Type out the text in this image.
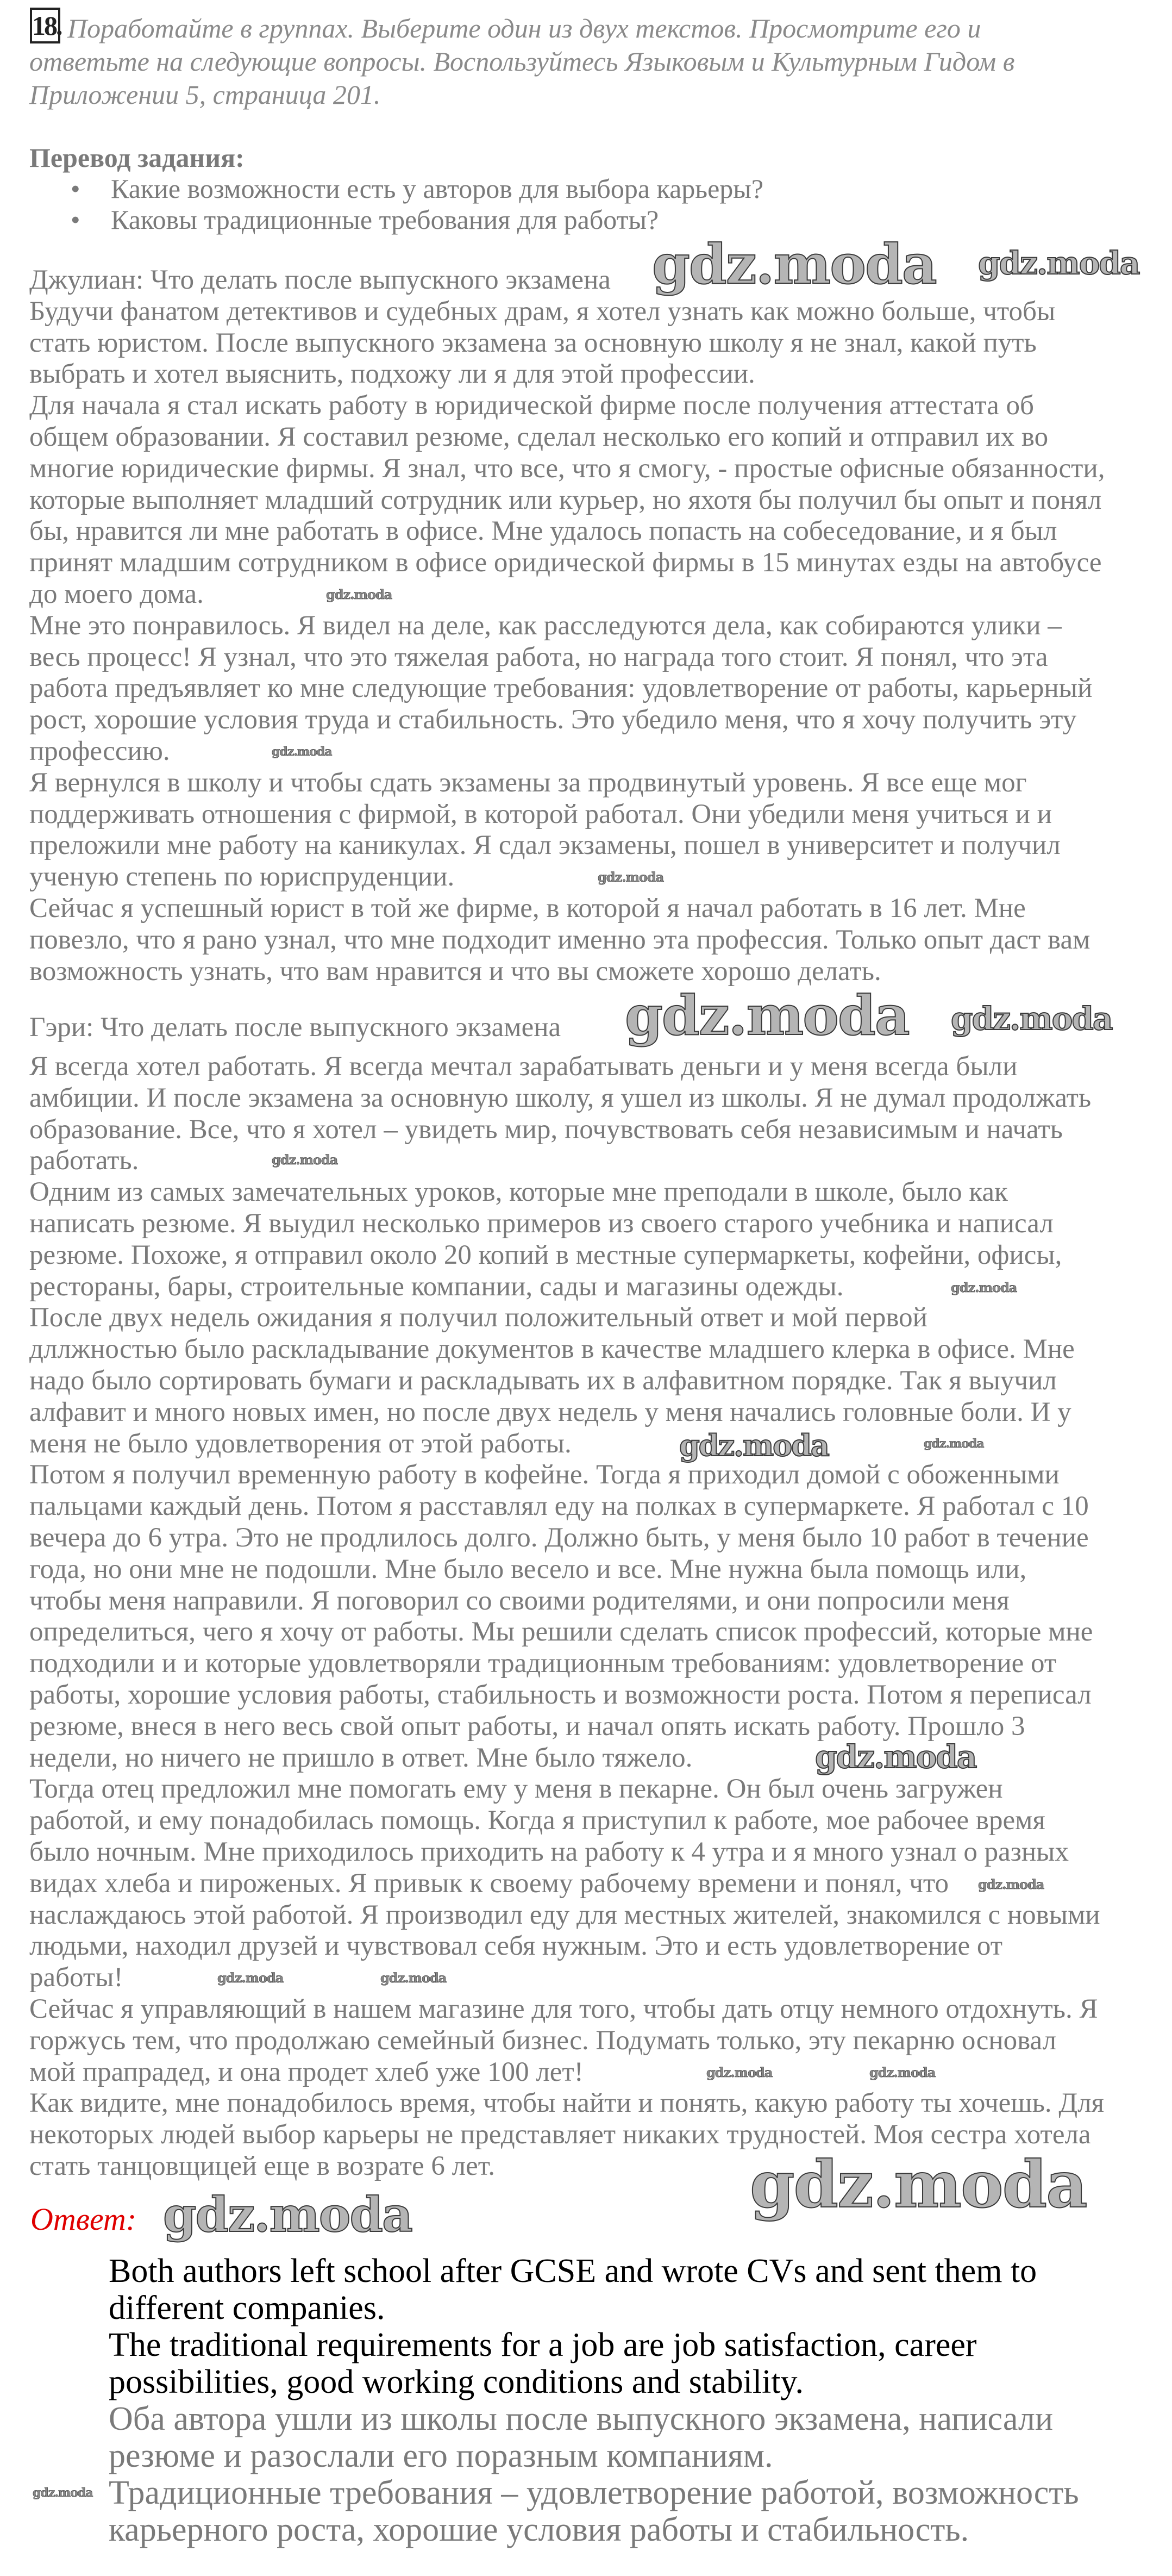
18. Поработайте в группах. Выберите один из двух текстов. Просмотрите его и
ответьте на следующие вопросы. Воспользуйтесь Языковым и Культурным Гидом в
Приложении 5, страница 201.
Перевод задания:
• Какие возможности есть у авторов для выбора карьеры?
• Каковы традиционные требования для работы?
Джулиан: Что делать после выпускного экзамена
Будучи фанатом детективов и судебных драм, я хотел узнать как можно больше, чтобы
стать юристом. После выпускного экзамена за основную школу я не знал, какой путь
выбрать и хотел выяснить, подхожу ли я для этой профессии.
Для начала я стал искать работу в юридической фирме после получения аттестата об
общем образовании. Я составил резюме, сделал несколько его копий и отправил их во
многие юридические фирмы. Я знал, что все, что я смогу, - простые офисные обязанности,
которые выполняет младший сотрудник или курьер, но яхотя бы получил бы опыт и понял
бы, нравится ли мне работать в офисе. Мне удалось попасть на собеседование, и я был
принят младшим сотрудником в офисе оридической фирмы в 15 минутах езды на автобусе
до моего дома.
Мне это понравилось. Я видел на деле, как расследуются дела, как собираются улики –
весь процесс! Я узнал, что это тяжелая работа, но награда того стоит. Я понял, что эта
работа предъявляет ко мне следующие требования: удовлетворение от работы, карьерный
рост, хорошие условия труда и стабильность. Это убедило меня, что я хочу получить эту
профессию.
Я вернулся в школу и чтобы сдать экзамены за продвинутый уровень. Я все еще мог
поддерживать отношения с фирмой, в которой работал. Они убедили меня учиться и и
преложили мне работу на каникулах. Я сдал экзамены, пошел в университет и получил
ученую степень по юриспруденции.
Сейчас я успешный юрист в той же фирме, в которой я начал работать в 16 лет. Мне
повезло, что я рано узнал, что мне подходит именно эта профессия. Только опыт даст вам
возможность узнать, что вам нравится и что вы сможете хорошо делать.
Гэри: Что делать после выпускного экзамена
Я всегда хотел работать. Я всегда мечтал зарабатывать деньги и у меня всегда были
амбиции. И после экзамена за основную школу, я ушел из школы. Я не думал продолжать
образование. Все, что я хотел – увидеть мир, почувствовать себя независимым и начать
работать.
Одним из самых замечательных уроков, которые мне преподали в школе, было как
написать резюме. Я выудил несколько примеров из своего старого учебника и написал
резюме. Похоже, я отправил около 20 копий в местные супермаркеты, кофейни, офисы,
рестораны, бары, строительные компании, сады и магазины одежды.
После двух недель ожидания я получил положительный ответ и мой первой
дллжностью было раскладывание документов в качестве младшего клерка в офисе. Мне
надо было сортировать бумаги и раскладывать их в алфавитном порядке. Так я выучил
алфавит и много новых имен, но после двух недель у меня начались головные боли. И у
меня не было удовлетворения от этой работы.
Потом я получил временную работу в кофейне. Тогда я приходил домой с обоженными
пальцами каждый день. Потом я расставлял еду на полках в супермаркете. Я работал с 10
вечера до 6 утра. Это не продлилось долго. Должно быть, у меня было 10 работ в течение
года, но они мне не подошли. Мне было весело и все. Мне нужна была помощь или,
чтобы меня направили. Я поговорил со своими родителями, и они попросили меня
определиться, чего я хочу от работы. Мы решили сделать список профессий, которые мне
подходили и и которые удовлетворяли традиционным требованиям: удовлетворение от
работы, хорошие условия работы, стабильность и возможности роста. Потом я переписал
резюме, внеся в него весь свой опыт работы, и начал опять искать работу. Прошло 3
недели, но ничего не пришло в ответ. Мне было тяжело.
Тогда отец предложил мне помогать ему у меня в пекарне. Он был очень загружен
работой, и ему понадобилась помощь. Когда я приступил к работе, мое рабочее время
было ночным. Мне приходилось приходить на работу к 4 утра и я много узнал о разных
видах хлеба и пироженых. Я привык к своему рабочему времени и понял, что
наслаждаюсь этой работой. Я производил еду для местных жителей, знакомился с новыми
людьми, находил друзей и чувствовал себя нужным. Это и есть удовлетворение от
работы!
Сейчас я управляющий в нашем магазине для того, чтобы дать отцу немного отдохнуть. Я
горжусь тем, что продолжаю семейный бизнес. Подумать только, эту пекарню основал
мой прапрадед, и она продет хлеб уже 100 лет!
Как видите, мне понадобилось время, чтобы найти и понять, какую работу ты хочешь. Для
некоторых людей выбор карьеры не представляет никаких трудностей. Моя сестра хотела
стать танцовщицей еще в возрате 6 лет.
Ответ:
Both authors left school after GCSE and wrote CVs and sent them to
different companies.
The traditional requirements for a job are job satisfaction, career
possibilities, good working conditions and stability.
Оба автора ушли из школы после выпускного экзамена, написали
резюме и разослали его поразным компаниям.
Традиционные требования – удовлетворение работой, возможность
карьерного роста, хорошие условия работы и стабильность.
gdz.moda gdz.moda
gdz.moda gdz.moda
gdz.moda
gdz.moda
gdz.moda
gdz.moda
gdz.moda
gdz.moda
gdz.moda
gdz.moda
gdz.moda
gdz.moda	gdz.moda
gdz.moda	gdz.moda
gdz.moda
gdz.moda
gdz.moda
